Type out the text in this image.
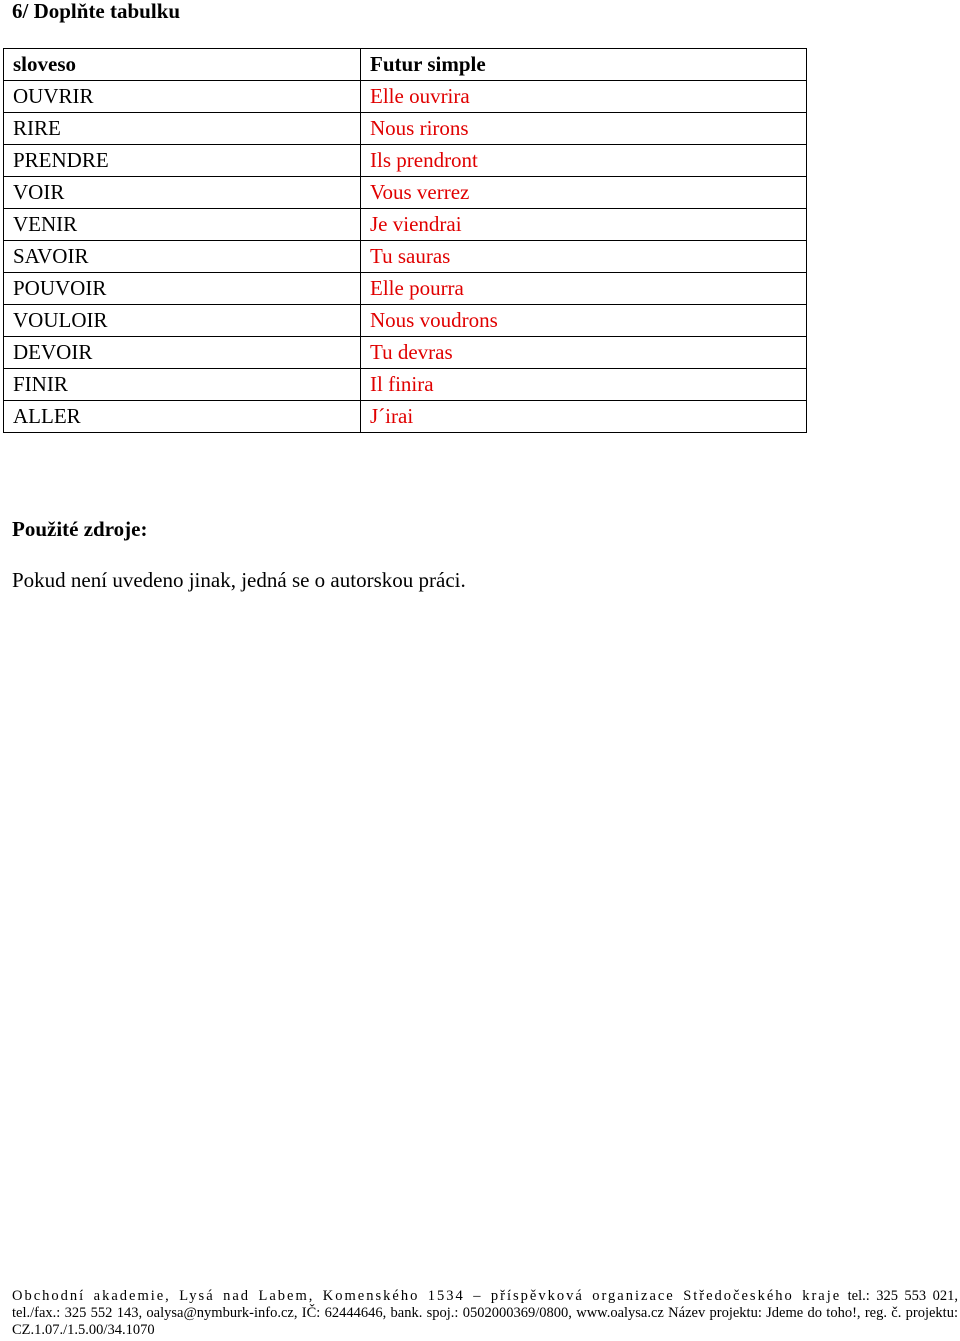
6/ Doplňte tabulku
sloveso	Futur simple
OUVRIR	Elle ouvrira
RIRE	Nous rirons
PRENDRE	Ils prendront
VOIR	Vous verrez
VENIR	Je viendrai
SAVOIR	Tu sauras
POUVOIR	Elle pourra
VOULOIR	Nous voudrons
DEVOIR	Tu devras
FINIR	Il finira
ALLER	J´irai
Použité zdroje:

Pokud není uvedeno jinak, jedná se o autorskou práci.

Obchodní akademie, Lysá nad Labem, Komenského 1534 – příspěvková organizace Středočeského kraje tel.: 325 553 021, tel./fax.: 325 552 143, oalysa@nymburk-info.cz, IČ: 62444646, bank. spoj.: 0502000369/0800, www.oalysa.cz Název projektu: Jdeme do toho!, reg. č. projektu: CZ.1.07./1.5.00/34.1070
